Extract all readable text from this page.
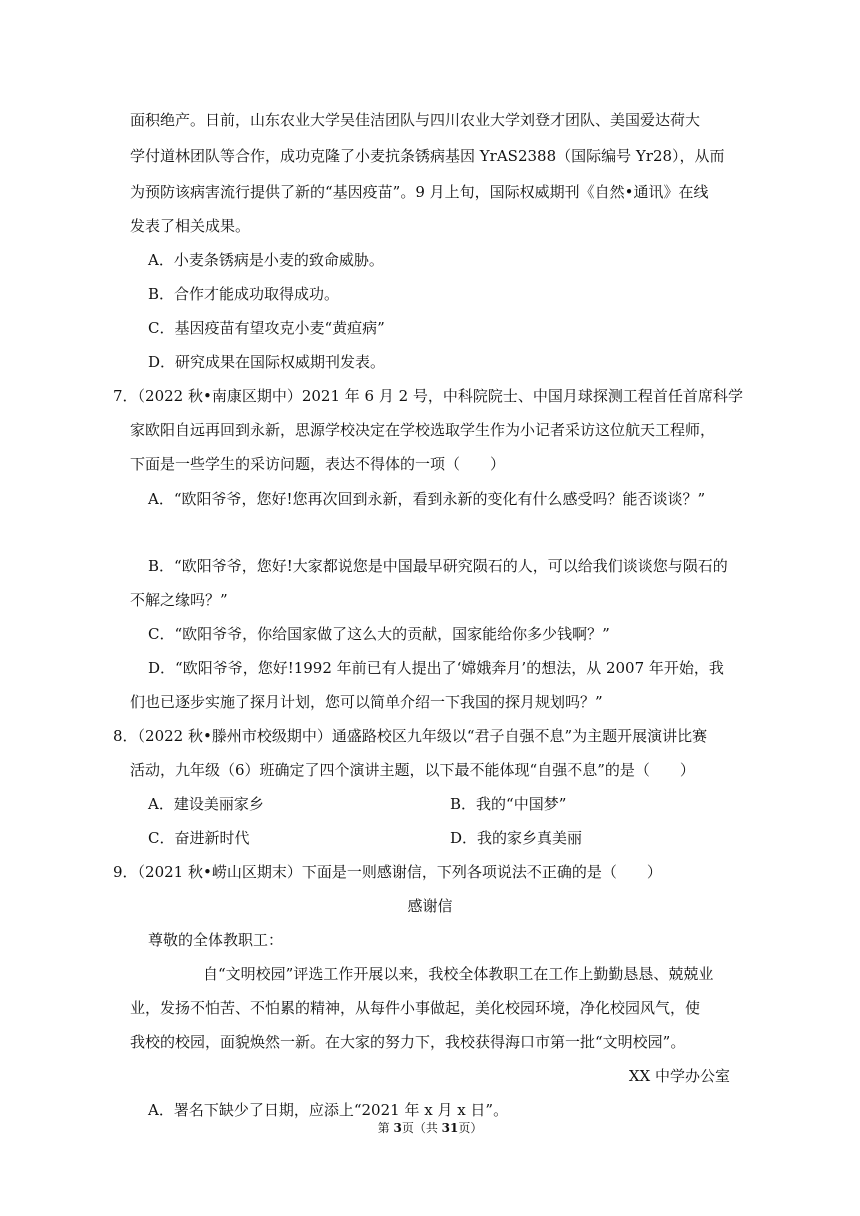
面积绝产。日前，山东农业大学吴佳洁团队与四川农业大学刘登才团队、美国爱达荷大
学付道林团队等合作，成功克隆了小麦抗条锈病基因 YrAS2388（国际编号 Yr28），从而
为预防该病害流行提供了新的“基因疫苗”。9 月上旬，国际权威期刊《自然•通讯》在线
发表了相关成果。
A．小麦条锈病是小麦的致命威胁。
B．合作才能成功取得成功。
C．基因疫苗有望攻克小麦“黄疸病”
D．研究成果在国际权威期刊发表。
7．（2022 秋•南康区期中）2021 年 6 月 2 号，中科院院士、中国月球探测工程首任首席科学
家欧阳自远再回到永新，思源学校决定在学校选取学生作为小记者采访这位航天工程师，
下面是一些学生的采访问题，表达不得体的一项（　　）
A．“欧阳爷爷，您好!您再次回到永新，看到永新的变化有什么感受吗？能否谈谈？”
B．“欧阳爷爷，您好!大家都说您是中国最早研究陨石的人，可以给我们谈谈您与陨石的
不解之缘吗？”
C．“欧阳爷爷，你给国家做了这么大的贡献，国家能给你多少钱啊？”
D．“欧阳爷爷，您好!1992 年前已有人提出了‘嫦娥奔月’的想法，从 2007 年开始，我
们也已逐步实施了探月计划，您可以简单介绍一下我国的探月规划吗？”
8．（2022 秋•滕州市校级期中）通盛路校区九年级以“君子自强不息”为主题开展演讲比赛
活动，九年级（6）班确定了四个演讲主题，以下最不能体现“自强不息”的是（　　）
A．建设美丽家乡	B．我的“中国梦”
C．奋进新时代	D．我的家乡真美丽
9．（2021 秋•崂山区期末）下面是一则感谢信，下列各项说法不正确的是（　　）
感谢信
尊敬的全体教职工：
自“文明校园”评选工作开展以来，我校全体教职工在工作上勤勤恳恳、兢兢业
业，发扬不怕苦、不怕累的精神，从每件小事做起，美化校园环境，净化校园风气，使
我校的校园，面貌焕然一新。在大家的努力下，我校获得海口市第一批“文明校园”。
XX 中学办公室
A．署名下缺少了日期，应添上“2021 年 x 月 x 日”。
第 3页（共 31页）
